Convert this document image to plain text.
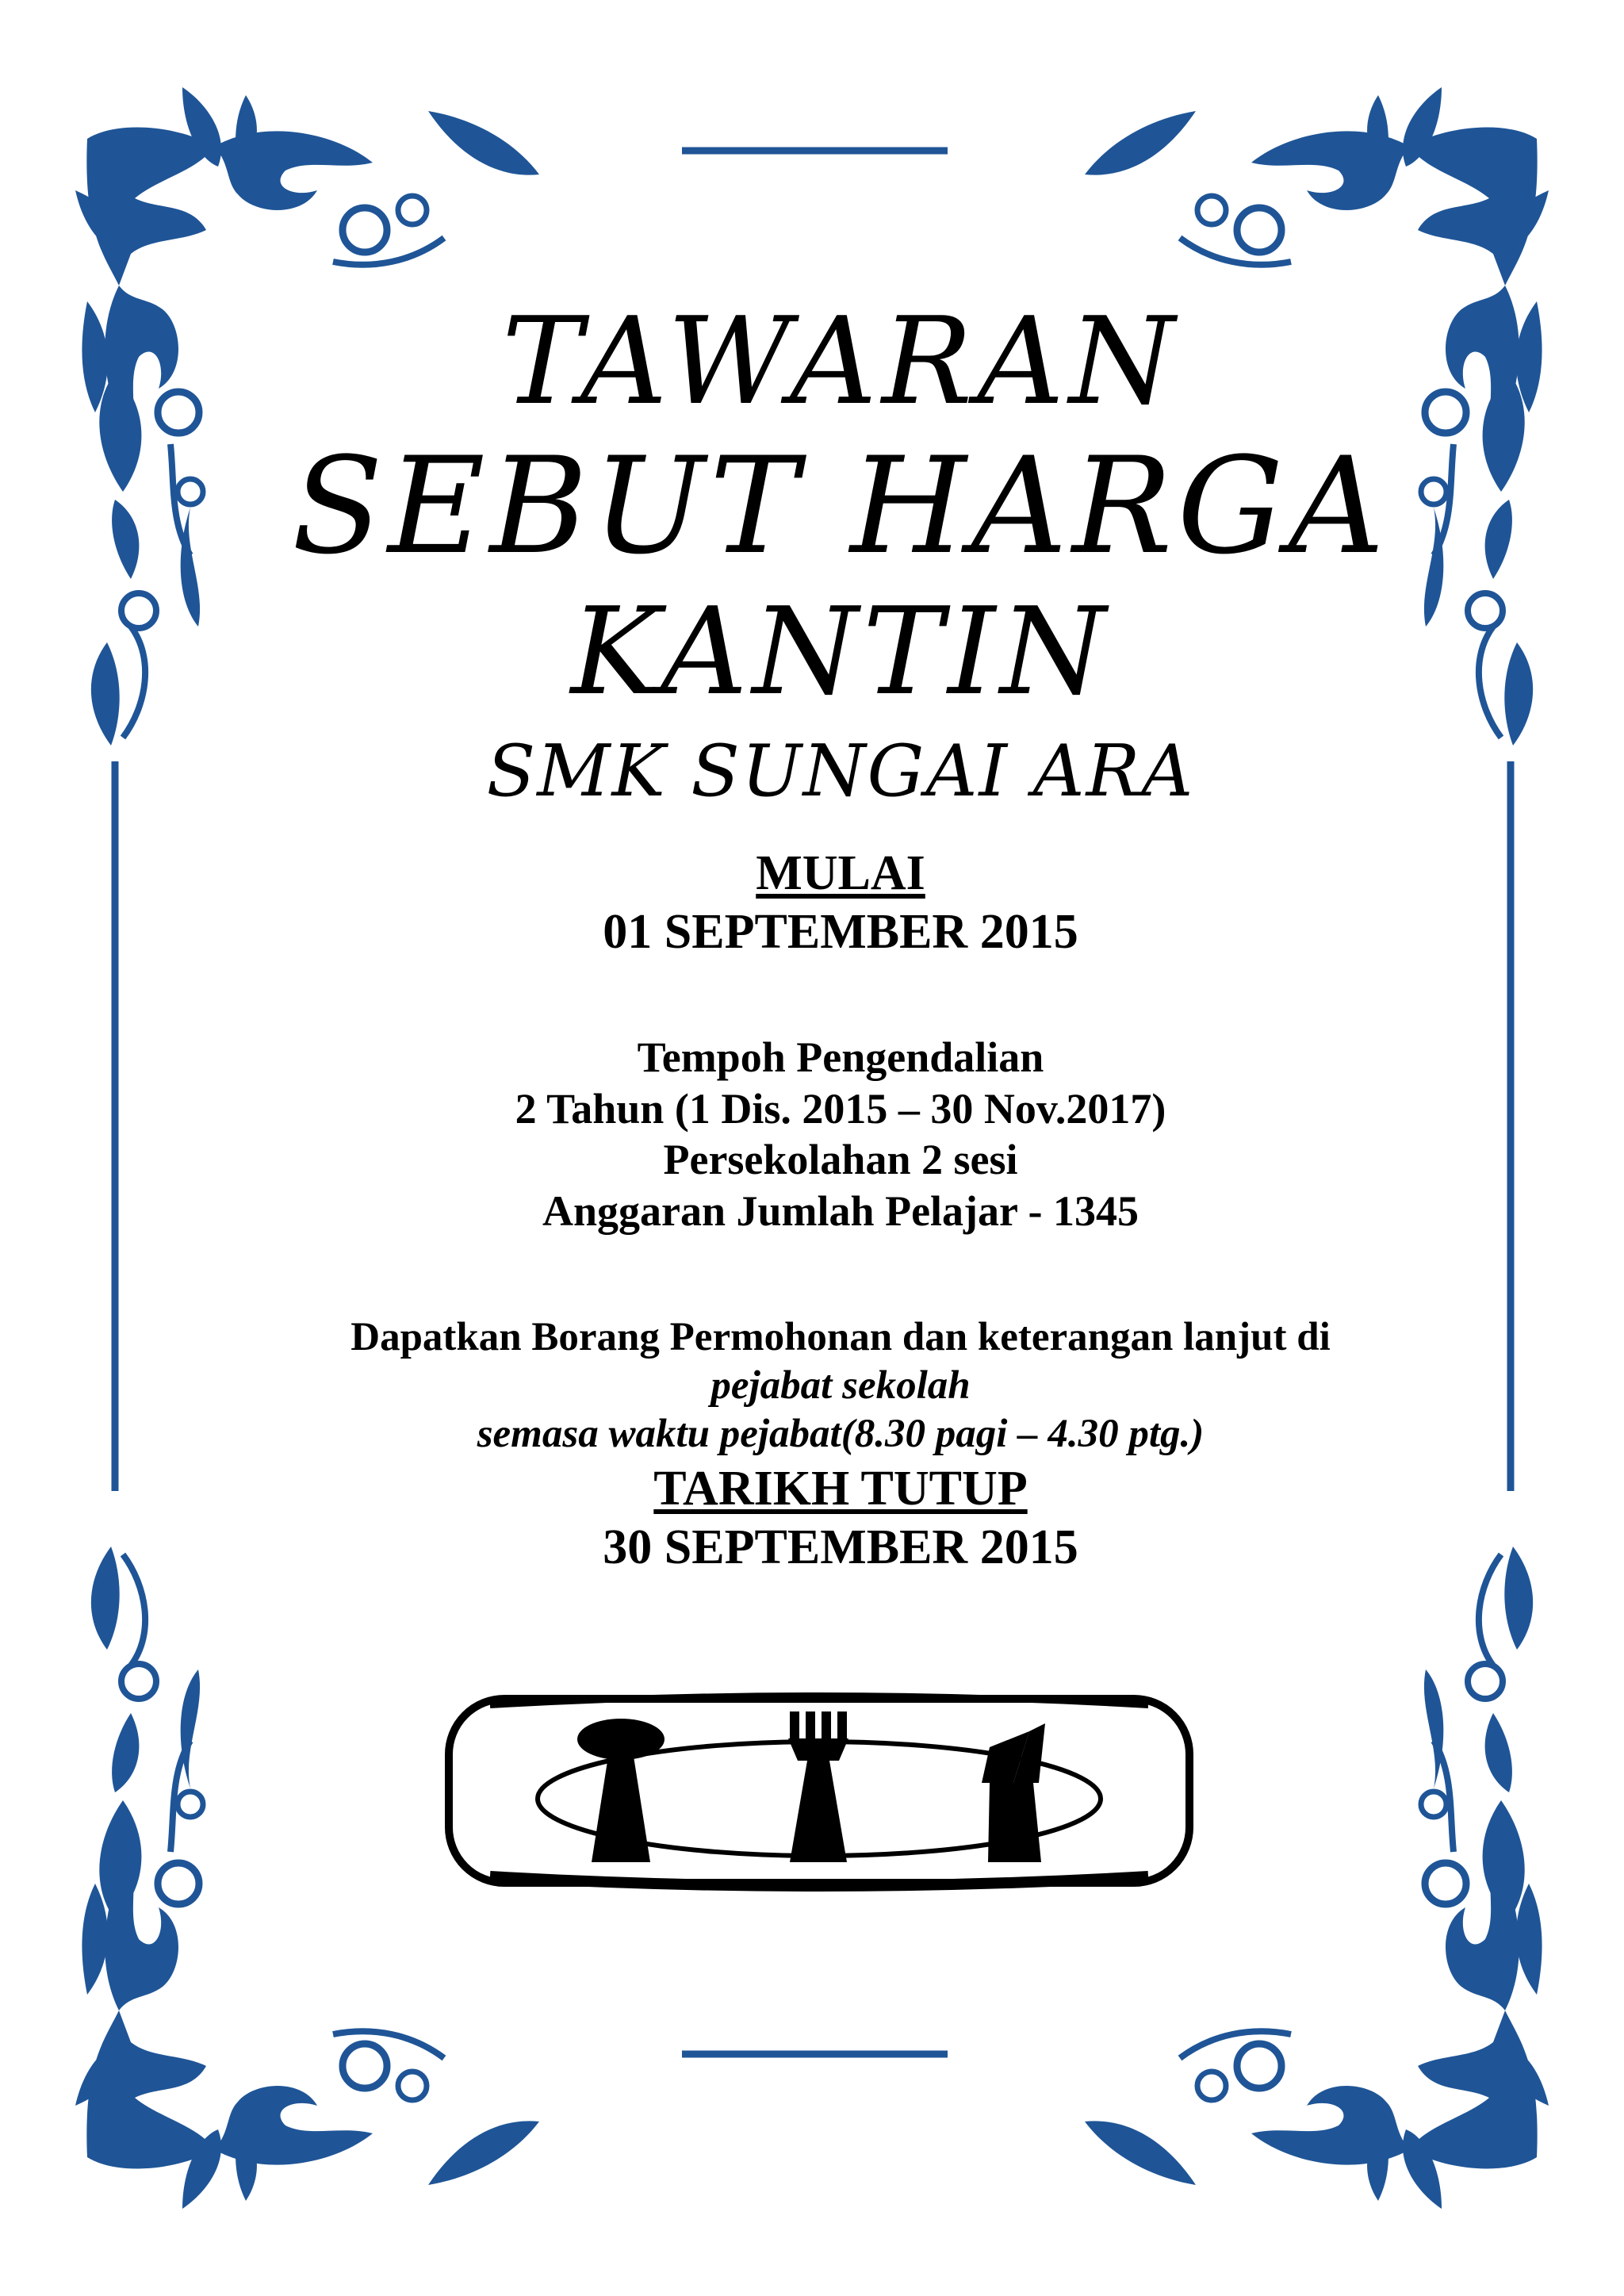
TAWARAN
SEBUT HARGA
KANTIN
SMK SUNGAI ARA
MULAI
01 SEPTEMBER 2015
Tempoh Pengendalian
2 Tahun (1 Dis. 2015 – 30 Nov.2017)
Persekolahan 2 sesi
Anggaran Jumlah Pelajar - 1345
Dapatkan Borang Permohonan dan keterangan lanjut di
pejabat sekolah
semasa waktu pejabat(8.30 pagi – 4.30 ptg.)
TARIKH TUTUP
30 SEPTEMBER 2015
